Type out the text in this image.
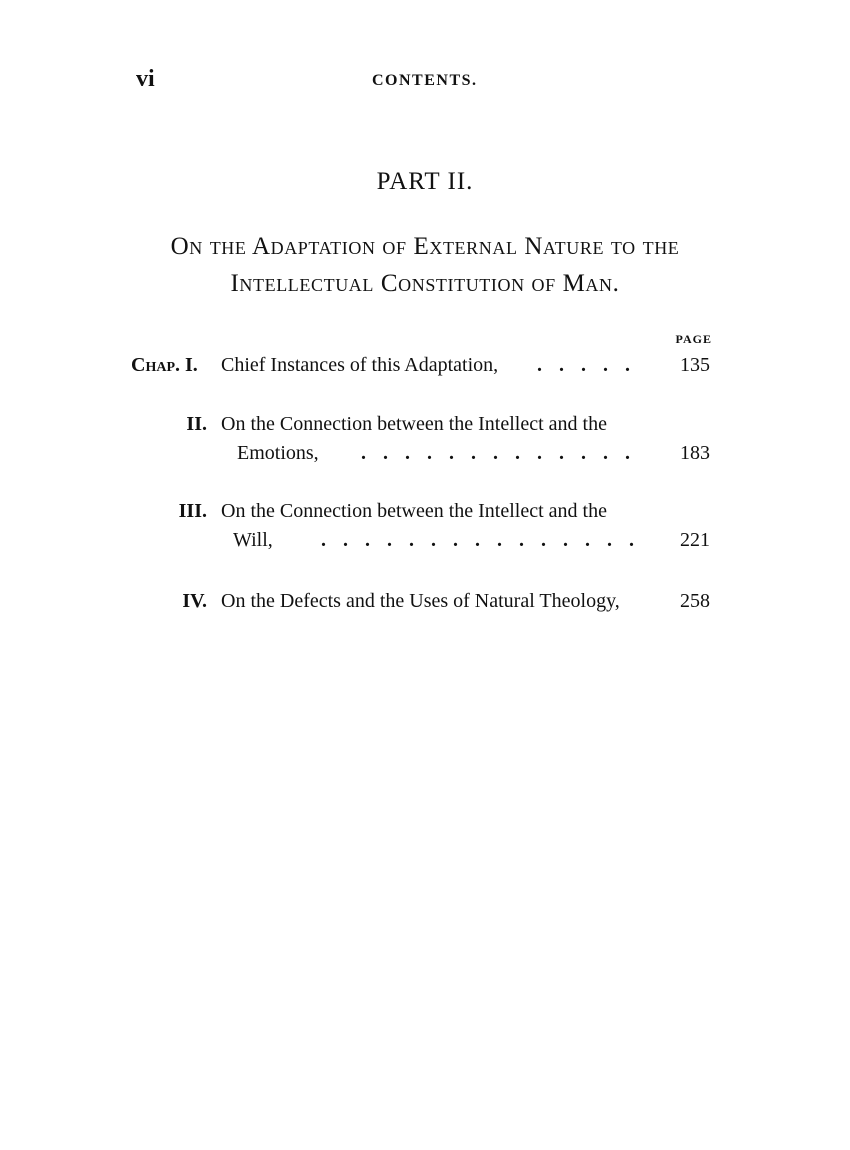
vi	CONTENTS.
PART II.
On the Adaptation of External Nature to the
Intellectual Constitution of Man.
PAGE
Chap. I. Chief Instances of this Adaptation, . . . . . 135
II. On the Connection between the Intellect and the
Emotions, . . . . . . . . . . . . . 183
III. On the Connection between the Intellect and the
Will, . . . . . . . . . . . . . . . 221
IV. On the Defects and the Uses of Natural Theology,	258
